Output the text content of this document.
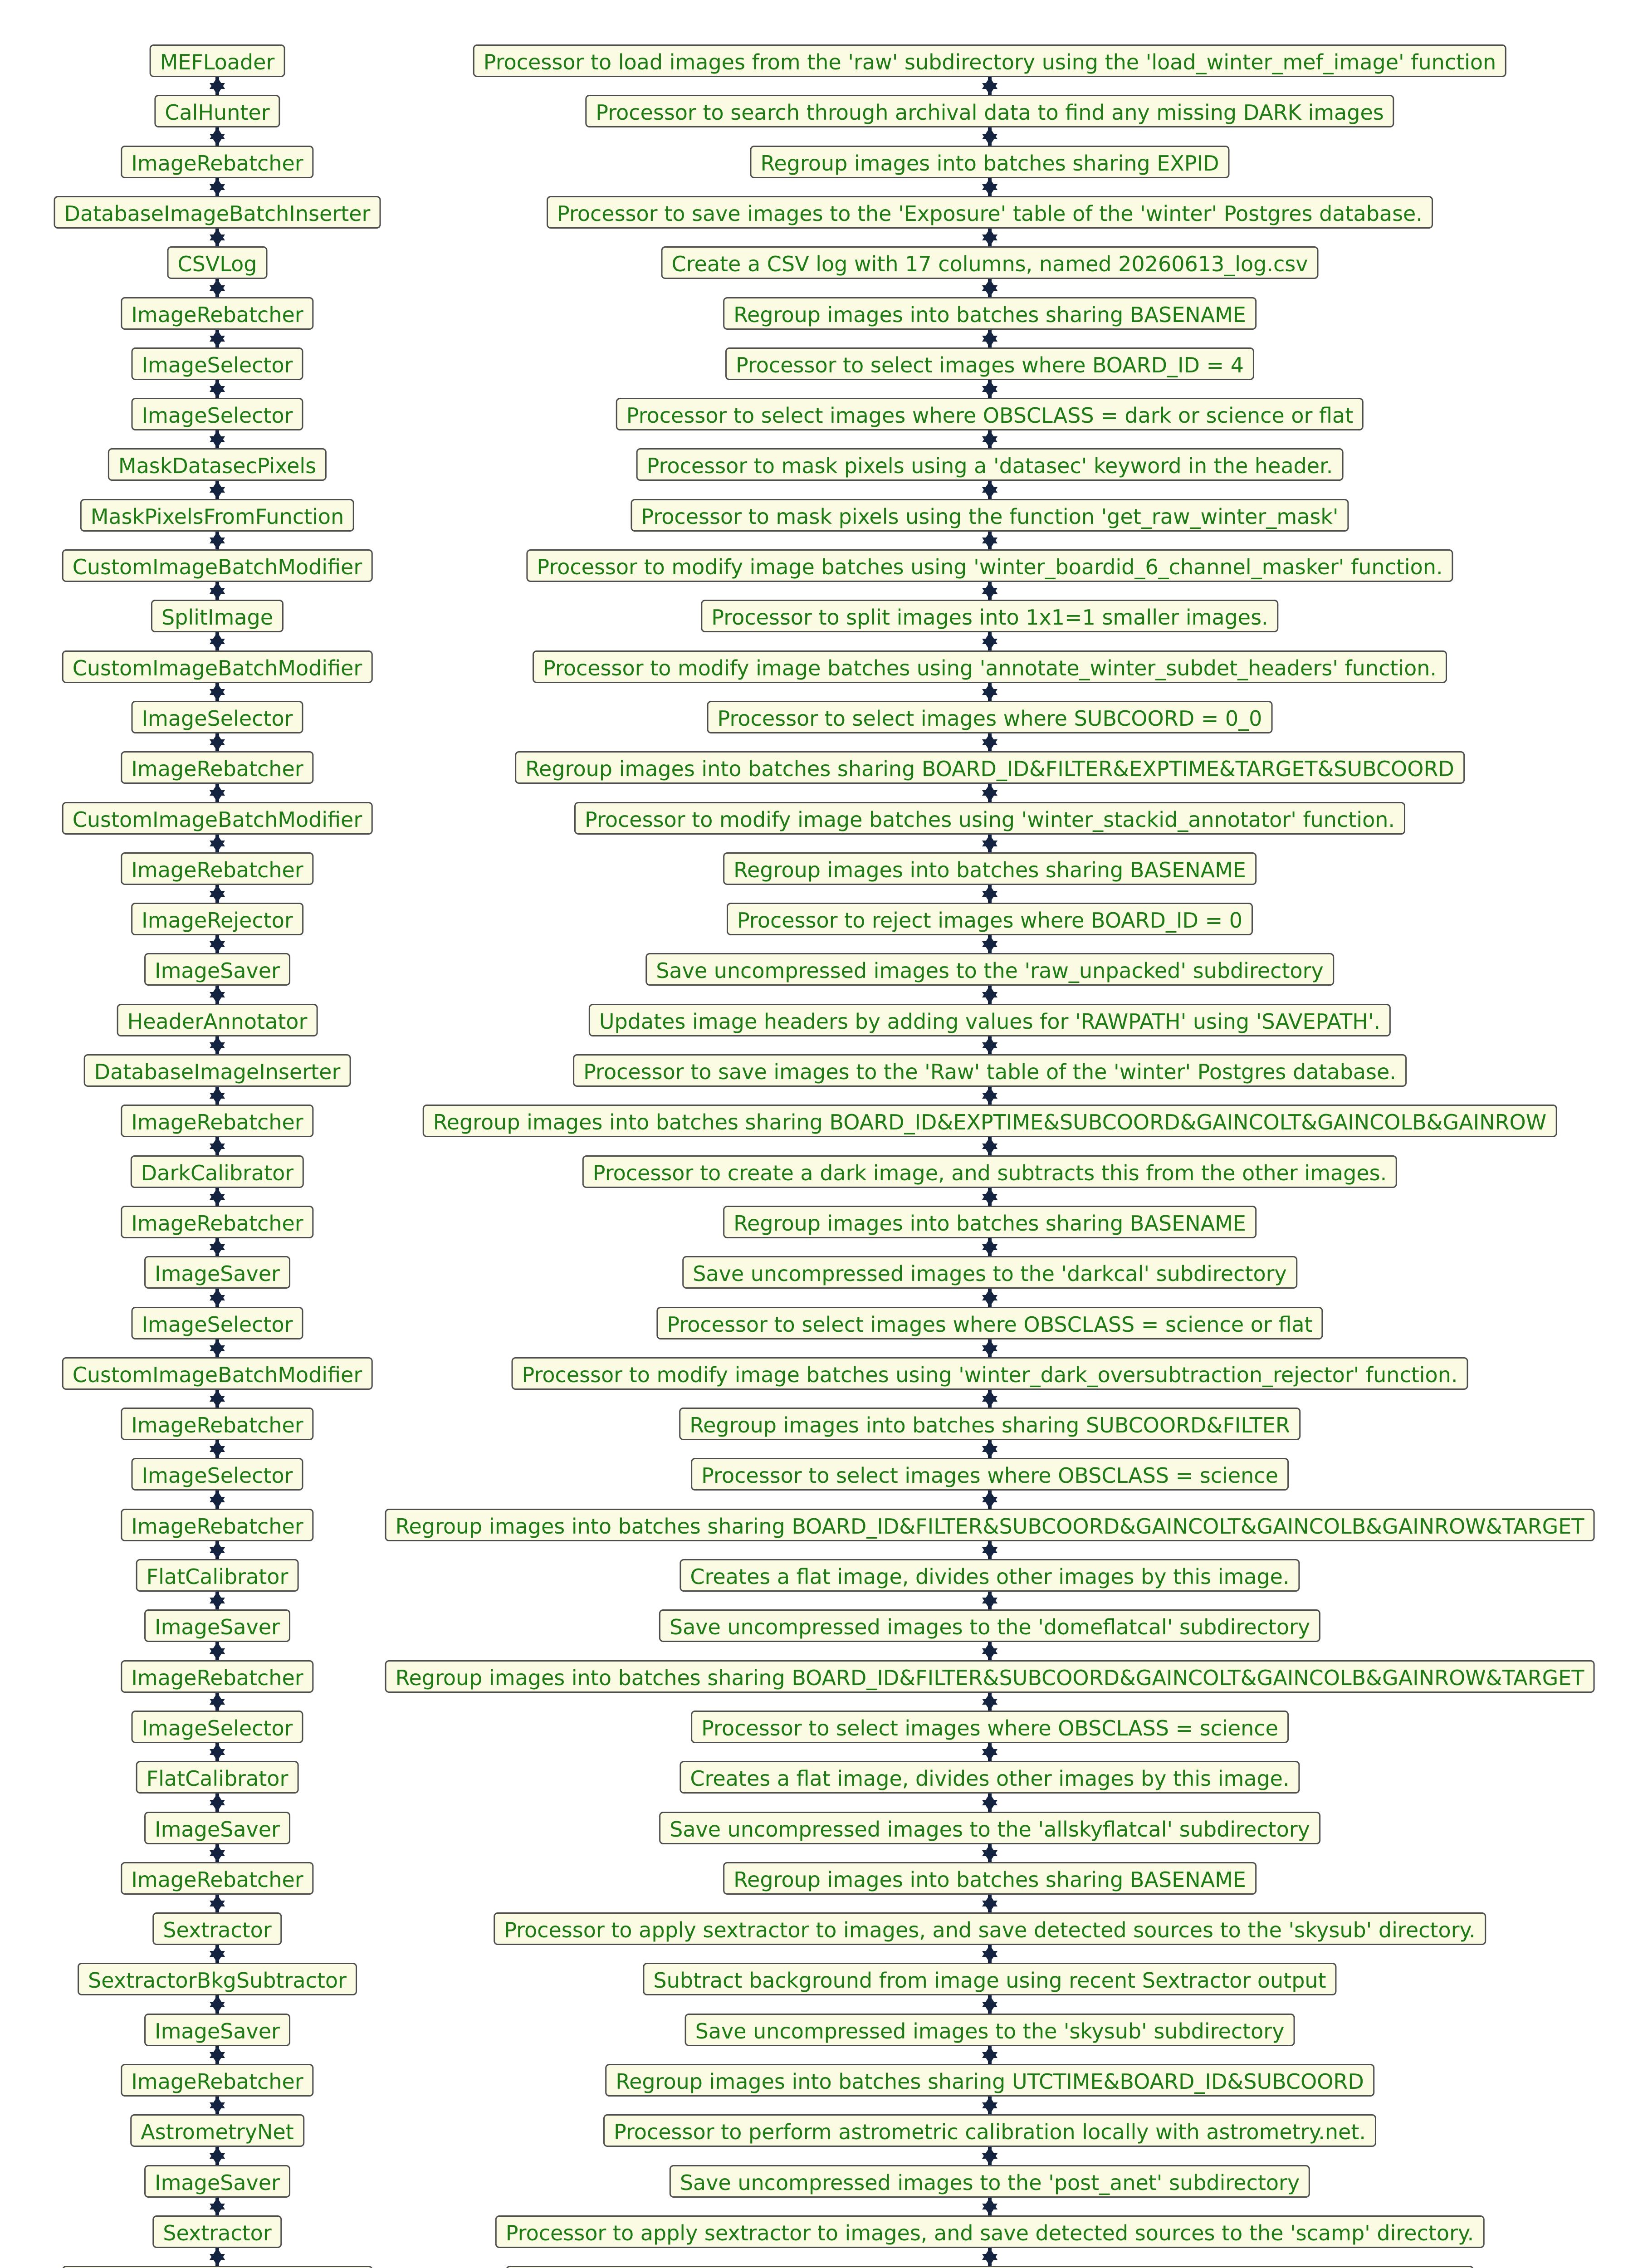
MEFLoader
CalHunter
ImageRebatcher
DatabaseImageBatchInserter
CSVLog
ImageRebatcher
ImageSelector
ImageSelector
MaskDatasecPixels
MaskPixelsFromFunction
CustomImageBatchModifier
SplitImage
CustomImageBatchModifier
ImageSelector
ImageRebatcher
CustomImageBatchModifier
ImageRebatcher
ImageRejector
ImageSaver
HeaderAnnotator
DatabaseImageInserter
ImageRebatcher
DarkCalibrator
ImageRebatcher
ImageSaver
ImageSelector
CustomImageBatchModifier
ImageRebatcher
ImageSelector
ImageRebatcher
FlatCalibrator
ImageSaver
ImageRebatcher
ImageSelector
FlatCalibrator
ImageSaver
ImageRebatcher
Sextractor
SextractorBkgSubtractor
ImageSaver
ImageRebatcher
AstrometryNet
ImageSaver
Sextractor
Processor to load images from the 'raw' subdirectory using the 'load_winter_mef_image' function
Processor to search through archival data to find any missing DARK images
Regroup images into batches sharing EXPID
Processor to save images to the 'Exposure' table of the 'winter' Postgres database.
Create a CSV log with 17 columns, named 20260613_log.csv
Regroup images into batches sharing BASENAME
Processor to select images where BOARD_ID = 4
Processor to select images where OBSCLASS = dark or science or flat
Processor to mask pixels using a 'datasec' keyword in the header.
Processor to mask pixels using the function 'get_raw_winter_mask'
Processor to modify image batches using 'winter_boardid_6_channel_masker' function.
Processor to split images into 1x1=1 smaller images.
Processor to modify image batches using 'annotate_winter_subdet_headers' function.
Processor to select images where SUBCOORD = 0_0
Regroup images into batches sharing BOARD_ID&FILTER&EXPTIME&TARGET&SUBCOORD
Processor to modify image batches using 'winter_stackid_annotator' function.
Regroup images into batches sharing BASENAME
Processor to reject images where BOARD_ID = 0
Save uncompressed images to the 'raw_unpacked' subdirectory
Updates image headers by adding values for 'RAWPATH' using 'SAVEPATH'.
Processor to save images to the 'Raw' table of the 'winter' Postgres database.
Regroup images into batches sharing BOARD_ID&EXPTIME&SUBCOORD&GAINCOLT&GAINCOLB&GAINROW
Processor to create a dark image, and subtracts this from the other images.
Regroup images into batches sharing BASENAME
Save uncompressed images to the 'darkcal' subdirectory
Processor to select images where OBSCLASS = science or flat
Processor to modify image batches using 'winter_dark_oversubtraction_rejector' function.
Regroup images into batches sharing SUBCOORD&FILTER
Processor to select images where OBSCLASS = science
Regroup images into batches sharing BOARD_ID&FILTER&SUBCOORD&GAINCOLT&GAINCOLB&GAINROW&TARGET
Creates a flat image, divides other images by this image.
Save uncompressed images to the 'domeflatcal' subdirectory
Regroup images into batches sharing BOARD_ID&FILTER&SUBCOORD&GAINCOLT&GAINCOLB&GAINROW&TARGET
Processor to select images where OBSCLASS = science
Creates a flat image, divides other images by this image.
Save uncompressed images to the 'allskyflatcal' subdirectory
Regroup images into batches sharing BASENAME
Processor to apply sextractor to images, and save detected sources to the 'skysub' directory.
Subtract background from image using recent Sextractor output
Save uncompressed images to the 'skysub' subdirectory
Regroup images into batches sharing UTCTIME&BOARD_ID&SUBCOORD
Processor to perform astrometric calibration locally with astrometry.net.
Save uncompressed images to the 'post_anet' subdirectory
Processor to apply sextractor to images, and save detected sources to the 'scamp' directory.
